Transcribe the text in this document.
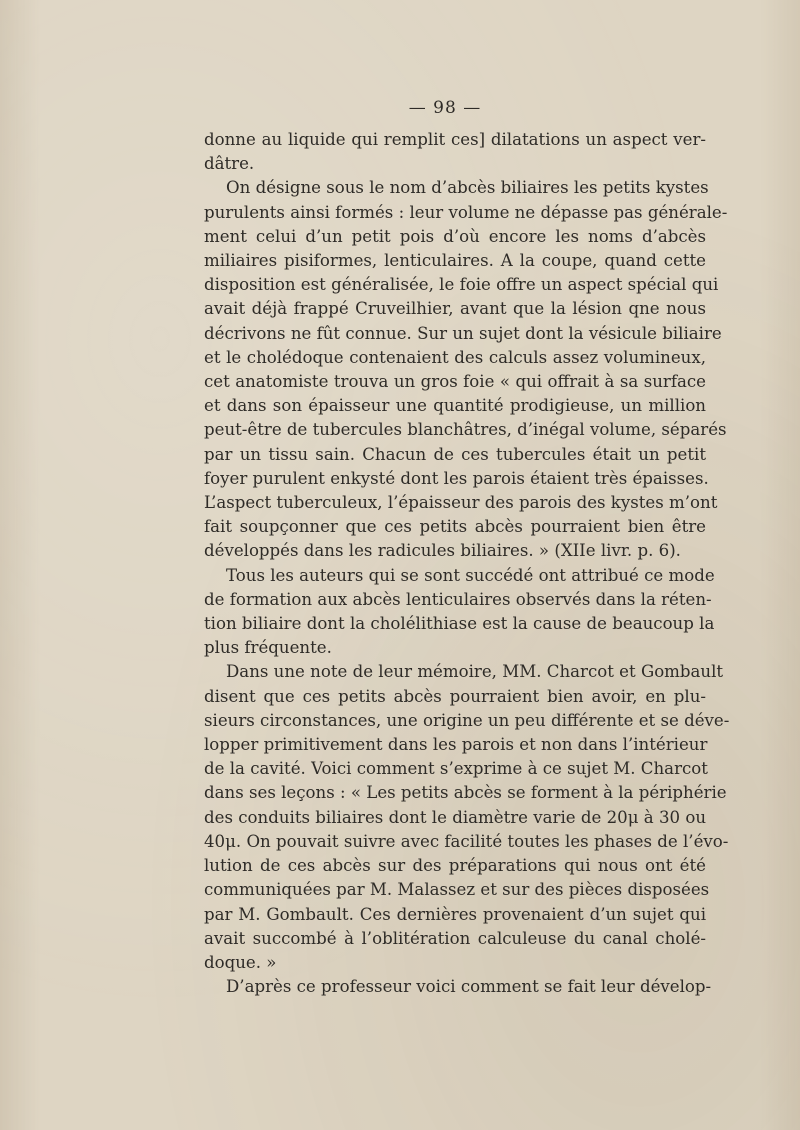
— 98 —

donne au liquide qui remplit ces] dilatations un aspect ver-
dâtre.

On désigne sous le nom d’abcès biliaires les petits kystes
purulents ainsi formés : leur volume ne dépasse pas générale-
ment celui d’un petit pois d’où encore les noms d’abcès
miliaires pisiformes, lenticulaires. A la coupe, quand cette
disposition est généralisée, le foie offre un aspect spécial qui
avait déjà frappé Cruveilhier, avant que la lésion qne nous
décrivons ne fût connue. Sur un sujet dont la vésicule biliaire
et le cholédoque contenaient des calculs assez volumineux,
cet anatomiste trouva un gros foie « qui offrait à sa surface
et dans son épaisseur une quantité prodigieuse, un million
peut-être de tubercules blanchâtres, d’inégal volume, séparés
par un tissu sain. Chacun de ces tubercules était un petit
foyer purulent enkysté dont les parois étaient très épaisses.
L’aspect tuberculeux, l’épaisseur des parois des kystes m’ont
fait soupçonner que ces petits abcès pourraient bien être
développés dans les radicules biliaires. » (XIIe livr. p. 6).

Tous les auteurs qui se sont succédé ont attribué ce mode
de formation aux abcès lenticulaires observés dans la réten-
tion biliaire dont la cholélithiase est la cause de beaucoup la
plus fréquente.

Dans une note de leur mémoire, MM. Charcot et Gombault
disent que ces petits abcès pourraient bien avoir, en plu-
sieurs circonstances, une origine un peu différente et se déve-
lopper primitivement dans les parois et non dans l’intérieur
de la cavité. Voici comment s’exprime à ce sujet M. Charcot
dans ses leçons : « Les petits abcès se forment à la périphérie
des conduits biliaires dont le diamètre varie de 20μ à 30 ou
40μ. On pouvait suivre avec facilité toutes les phases de l’évo-
lution de ces abcès sur des préparations qui nous ont été
communiquées par M. Malassez et sur des pièces disposées
par M. Gombault. Ces dernières provenaient d’un sujet qui
avait succombé à l’oblitération calculeuse du canal cholé-
doque. »

D’après ce professeur voici comment se fait leur dévelop-
